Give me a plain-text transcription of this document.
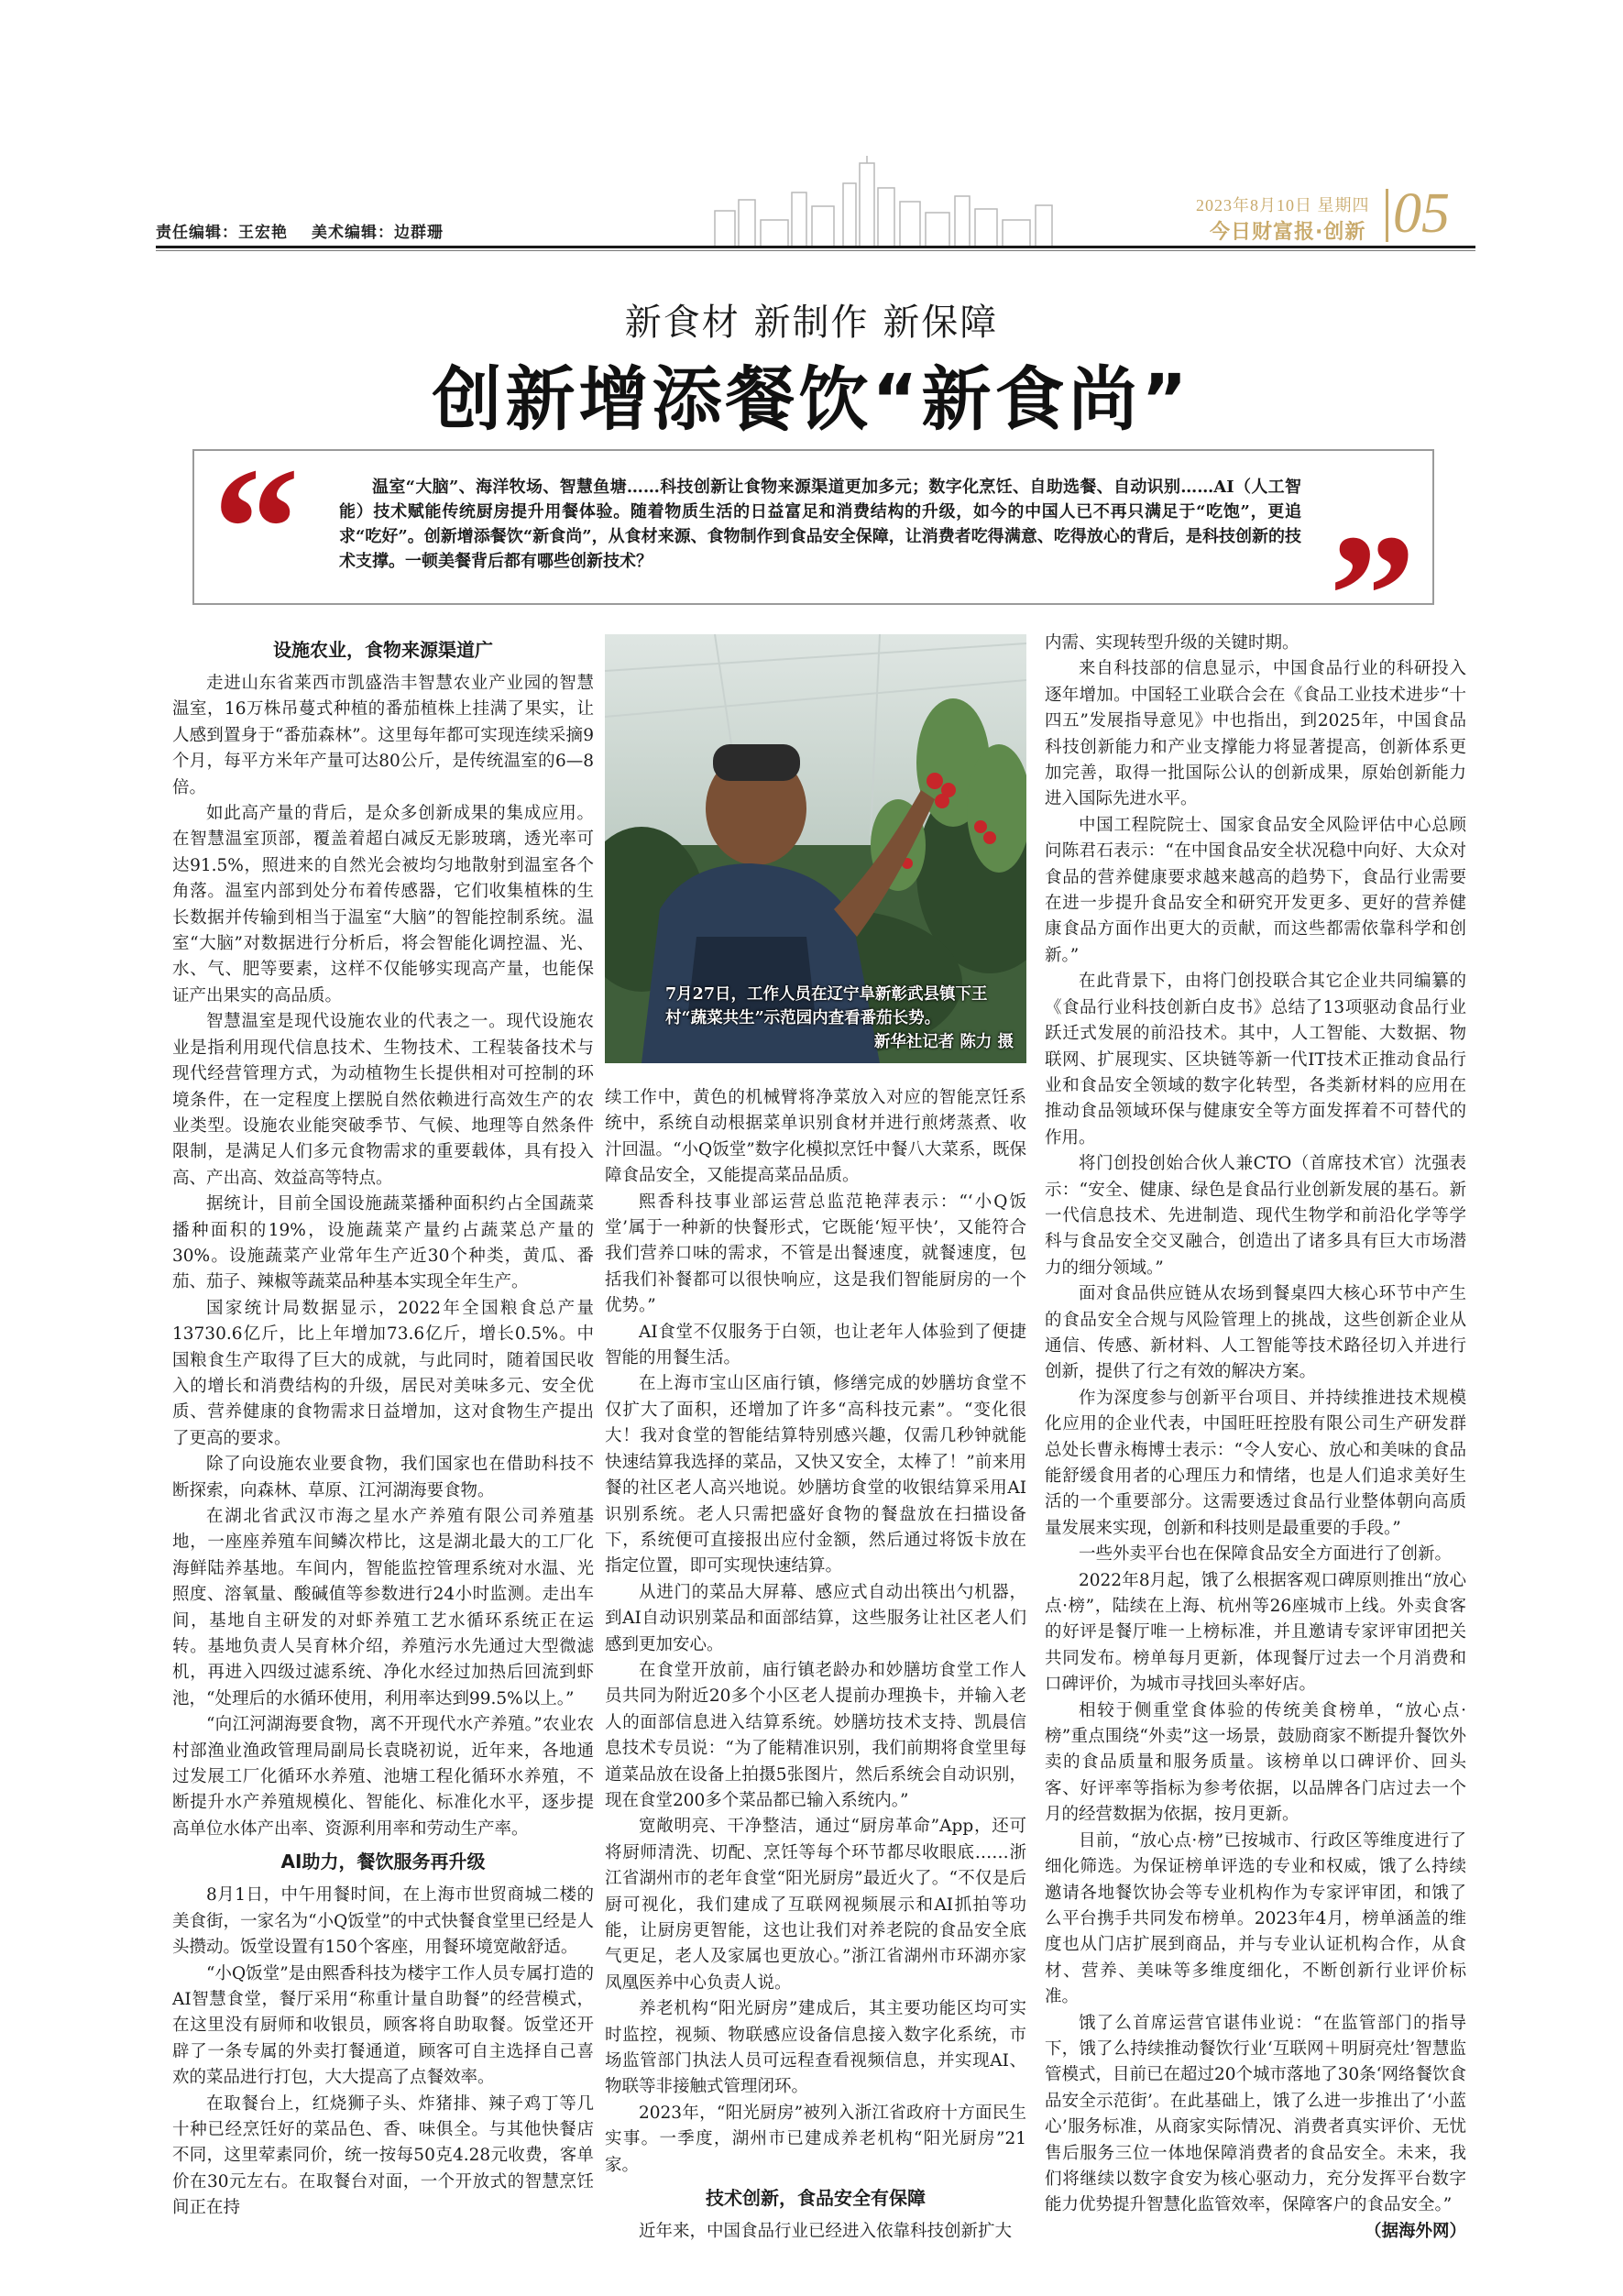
责任编辑：王宏艳 美术编辑：边群珊
2023年8月10日 星期四
今日财富报·创新 05
新食材 新制作 新保障
创新增添餐饮“新食尚”
“	”
温室“大脑”、海洋牧场、智慧鱼塘……科技创新让食物来源渠道更加多元；数字化烹饪、自助选餐、自动识别……AI（人工智能）技术赋能传统厨房提升用餐体验。随着物质生活的日益富足和消费结构的升级，如今的中国人已不再只满足于“吃饱”，更追求“吃好”。创新增添餐饮“新食尚”，从食材来源、食物制作到食品安全保障，让消费者吃得满意、吃得放心的背后，是科技创新的技术支撑。一顿美餐背后都有哪些创新技术？
设施农业，食物来源渠道广

走进山东省莱西市凯盛浩丰智慧农业产业园的智慧温室，16万株吊蔓式种植的番茄植株上挂满了果实，让人感到置身于“番茄森林”。这里每年都可实现连续采摘9个月，每平方米年产量可达80公斤，是传统温室的6—8倍。

如此高产量的背后，是众多创新成果的集成应用。在智慧温室顶部，覆盖着超白减反无影玻璃，透光率可达91.5%，照进来的自然光会被均匀地散射到温室各个角落。温室内部到处分布着传感器，它们收集植株的生长数据并传输到相当于温室“大脑”的智能控制系统。温室“大脑”对数据进行分析后，将会智能化调控温、光、水、气、肥等要素，这样不仅能够实现高产量，也能保证产出果实的高品质。

智慧温室是现代设施农业的代表之一。现代设施农业是指利用现代信息技术、生物技术、工程装备技术与现代经营管理方式，为动植物生长提供相对可控制的环境条件，在一定程度上摆脱自然依赖进行高效生产的农业类型。设施农业能突破季节、气候、地理等自然条件限制，是满足人们多元食物需求的重要载体，具有投入高、产出高、效益高等特点。

据统计，目前全国设施蔬菜播种面积约占全国蔬菜播种面积的19%，设施蔬菜产量约占蔬菜总产量的30%。设施蔬菜产业常年生产近30个种类，黄瓜、番茄、茄子、辣椒等蔬菜品种基本实现全年生产。

国家统计局数据显示，2022年全国粮食总产量13730.6亿斤，比上年增加73.6亿斤，增长0.5%。中国粮食生产取得了巨大的成就，与此同时，随着国民收入的增长和消费结构的升级，居民对美味多元、安全优质、营养健康的食物需求日益增加，这对食物生产提出了更高的要求。

除了向设施农业要食物，我们国家也在借助科技不断探索，向森林、草原、江河湖海要食物。

在湖北省武汉市海之星水产养殖有限公司养殖基地，一座座养殖车间鳞次栉比，这是湖北最大的工厂化海鲜陆养基地。车间内，智能监控管理系统对水温、光照度、溶氧量、酸碱值等参数进行24小时监测。走出车间，基地自主研发的对虾养殖工艺水循环系统正在运转。基地负责人吴育林介绍，养殖污水先通过大型微滤机，再进入四级过滤系统、净化水经过加热后回流到虾池，“处理后的水循环使用，利用率达到99.5%以上。”

“向江河湖海要食物，离不开现代水产养殖。”农业农村部渔业渔政管理局副局长袁晓初说，近年来，各地通过发展工厂化循环水养殖、池塘工程化循环水养殖，不断提升水产养殖规模化、智能化、标准化水平，逐步提高单位水体产出率、资源利用率和劳动生产率。

AI助力，餐饮服务再升级

8月1日，中午用餐时间，在上海市世贸商城二楼的美食街，一家名为“小Q饭堂”的中式快餐食堂里已经是人头攒动。饭堂设置有150个客座，用餐环境宽敞舒适。

“小Q饭堂”是由熙香科技为楼宇工作人员专属打造的AI智慧食堂，餐厅采用“称重计量自助餐”的经营模式，在这里没有厨师和收银员，顾客将自助取餐。饭堂还开辟了一条专属的外卖打餐通道，顾客可自主选择自己喜欢的菜品进行打包，大大提高了点餐效率。

在取餐台上，红烧狮子头、炸猪排、辣子鸡丁等几十种已经烹饪好的菜品色、香、味俱全。与其他快餐店不同，这里荤素同价，统一按每50克4.28元收费，客单价在30元左右。在取餐台对面，一个开放式的智慧烹饪间正在持

7月27日，工作人员在辽宁阜新彰武县镇下王村“蔬菜共生”示范园内查看番茄长势。

新华社记者 陈力 摄

续工作中，黄色的机械臂将净菜放入对应的智能烹饪系统中，系统自动根据菜单识别食材并进行煎烤蒸煮、收汁回温。“小Q饭堂”数字化模拟烹饪中餐八大菜系，既保障食品安全，又能提高菜品品质。

熙香科技事业部运营总监范艳萍表示：“‘小Q饭堂’属于一种新的快餐形式，它既能‘短平快’，又能符合我们营养口味的需求，不管是出餐速度，就餐速度，包括我们补餐都可以很快响应，这是我们智能厨房的一个优势。”

AI食堂不仅服务于白领，也让老年人体验到了便捷智能的用餐生活。

在上海市宝山区庙行镇，修缮完成的妙膳坊食堂不仅扩大了面积，还增加了许多“高科技元素”。“变化很大！我对食堂的智能结算特别感兴趣，仅需几秒钟就能快速结算我选择的菜品，又快又安全，太棒了！”前来用餐的社区老人高兴地说。妙膳坊食堂的收银结算采用AI识别系统。老人只需把盛好食物的餐盘放在扫描设备下，系统便可直接报出应付金额，然后通过将饭卡放在指定位置，即可实现快速结算。

从进门的菜品大屏幕、感应式自动出筷出勺机器，到AI自动识别菜品和面部结算，这些服务让社区老人们感到更加安心。

在食堂开放前，庙行镇老龄办和妙膳坊食堂工作人员共同为附近20多个小区老人提前办理换卡，并输入老人的面部信息进入结算系统。妙膳坊技术支持、凯晨信息技术专员说：“为了能精准识别，我们前期将食堂里每道菜品放在设备上拍摄5张图片，然后系统会自动识别，现在食堂200多个菜品都已输入系统内。”

宽敞明亮、干净整洁，通过“厨房革命”App，还可将厨师清洗、切配、烹饪等每个环节都尽收眼底……浙江省湖州市的老年食堂“阳光厨房”最近火了。“不仅是后厨可视化，我们建成了互联网视频展示和AI抓拍等功能，让厨房更智能，这也让我们对养老院的食品安全底气更足，老人及家属也更放心。”浙江省湖州市环湖亦家凤凰医养中心负责人说。

养老机构“阳光厨房”建成后，其主要功能区均可实时监控，视频、物联感应设备信息接入数字化系统，市场监管部门执法人员可远程查看视频信息，并实现AI、物联等非接触式管理闭环。

2023年，“阳光厨房”被列入浙江省政府十方面民生实事。一季度，湖州市已建成养老机构“阳光厨房”21家。

技术创新，食品安全有保障

近年来，中国食品行业已经进入依靠科技创新扩大

内需、实现转型升级的关键时期。

来自科技部的信息显示，中国食品行业的科研投入逐年增加。中国轻工业联合会在《食品工业技术进步“十四五”发展指导意见》中也指出，到2025年，中国食品科技创新能力和产业支撑能力将显著提高，创新体系更加完善，取得一批国际公认的创新成果，原始创新能力进入国际先进水平。

中国工程院院士、国家食品安全风险评估中心总顾问陈君石表示：“在中国食品安全状况稳中向好、大众对食品的营养健康要求越来越高的趋势下，食品行业需要在进一步提升食品安全和研究开发更多、更好的营养健康食品方面作出更大的贡献，而这些都需依靠科学和创新。”

在此背景下，由将门创投联合其它企业共同编纂的《食品行业科技创新白皮书》总结了13项驱动食品行业跃迁式发展的前沿技术。其中，人工智能、大数据、物联网、扩展现实、区块链等新一代IT技术正推动食品行业和食品安全领域的数字化转型，各类新材料的应用在推动食品领域环保与健康安全等方面发挥着不可替代的作用。

将门创投创始合伙人兼CTO（首席技术官）沈强表示：“安全、健康、绿色是食品行业创新发展的基石。新一代信息技术、先进制造、现代生物学和前沿化学等学科与食品安全交叉融合，创造出了诸多具有巨大市场潜力的细分领域。”

面对食品供应链从农场到餐桌四大核心环节中产生的食品安全合规与风险管理上的挑战，这些创新企业从通信、传感、新材料、人工智能等技术路径切入并进行创新，提供了行之有效的解决方案。

作为深度参与创新平台项目、并持续推进技术规模化应用的企业代表，中国旺旺控股有限公司生产研发群总处长曹永梅博士表示：“令人安心、放心和美味的食品能舒缓食用者的心理压力和情绪，也是人们追求美好生活的一个重要部分。这需要透过食品行业整体朝向高质量发展来实现，创新和科技则是最重要的手段。”

一些外卖平台也在保障食品安全方面进行了创新。

2022年8月起，饿了么根据客观口碑原则推出“放心点·榜”，陆续在上海、杭州等26座城市上线。外卖食客的好评是餐厅唯一上榜标准，并且邀请专家评审团把关共同发布。榜单每月更新，体现餐厅过去一个月消费和口碑评价，为城市寻找回头率好店。

相较于侧重堂食体验的传统美食榜单，“放心点·榜”重点围绕“外卖”这一场景，鼓励商家不断提升餐饮外卖的食品质量和服务质量。该榜单以口碑评价、回头客、好评率等指标为参考依据，以品牌各门店过去一个月的经营数据为依据，按月更新。

目前，“放心点·榜”已按城市、行政区等维度进行了细化筛选。为保证榜单评选的专业和权威，饿了么持续邀请各地餐饮协会等专业机构作为专家评审团，和饿了么平台携手共同发布榜单。2023年4月，榜单涵盖的维度也从门店扩展到商品，并与专业认证机构合作，从食材、营养、美味等多维度细化，不断创新行业评价标准。

饿了么首席运营官谌伟业说：“在监管部门的指导下，饿了么持续推动餐饮行业‘互联网＋明厨亮灶’智慧监管模式，目前已在超过20个城市落地了30条‘网络餐饮食品安全示范街’。在此基础上，饿了么进一步推出了‘小蓝心’服务标准，从商家实际情况、消费者真实评价、无忧售后服务三位一体地保障消费者的食品安全。未来，我们将继续以数字食安为核心驱动力，充分发挥平台数字能力优势提升智慧化监管效率，保障客户的食品安全。”

（据海外网）
